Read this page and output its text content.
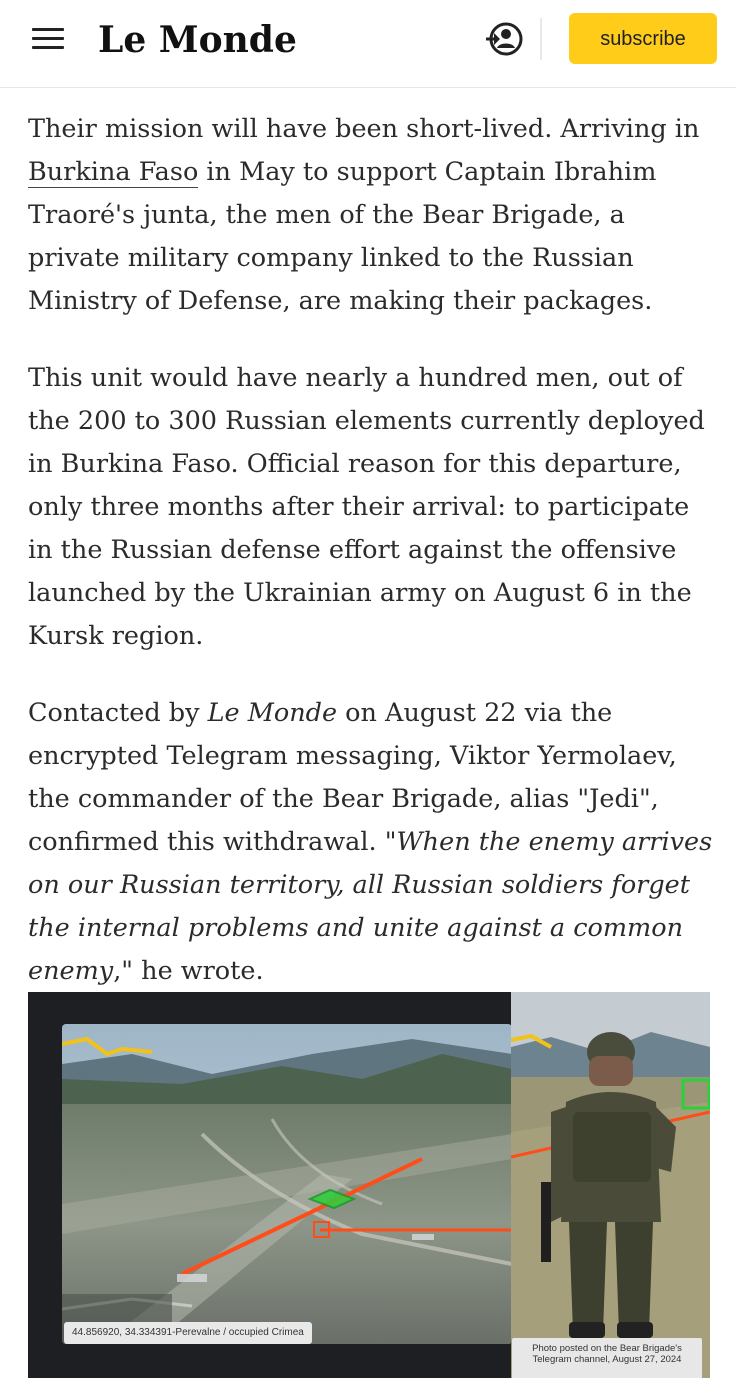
Le Monde	subscribe

Their mission will have been short-lived. Arriving in Burkina Faso in May to support Captain Ibrahim Traoré's junta, the men of the Bear Brigade, a private military company linked to the Russian Ministry of Defense, are making their packages.

This unit would have nearly a hundred men, out of the 200 to 300 Russian elements currently deployed in Burkina Faso. Official reason for this departure, only three months after their arrival: to participate in the Russian defense effort against the offensive launched by the Ukrainian army on August 6 in the Kursk region.

Contacted by Le Monde on August 22 via the encrypted Telegram messaging, Viktor Yermolaev, the commander of the Bear Brigade, alias "Jedi", confirmed this withdrawal. "When the enemy arrives on our Russian territory, all Russian soldiers forget the internal problems and unite against a common enemy," he wrote.

44.856920, 34.334391-Perevalne / occupied Crimea
Photo posted on the Bear Brigade's Telegram channel, August 27, 2024
